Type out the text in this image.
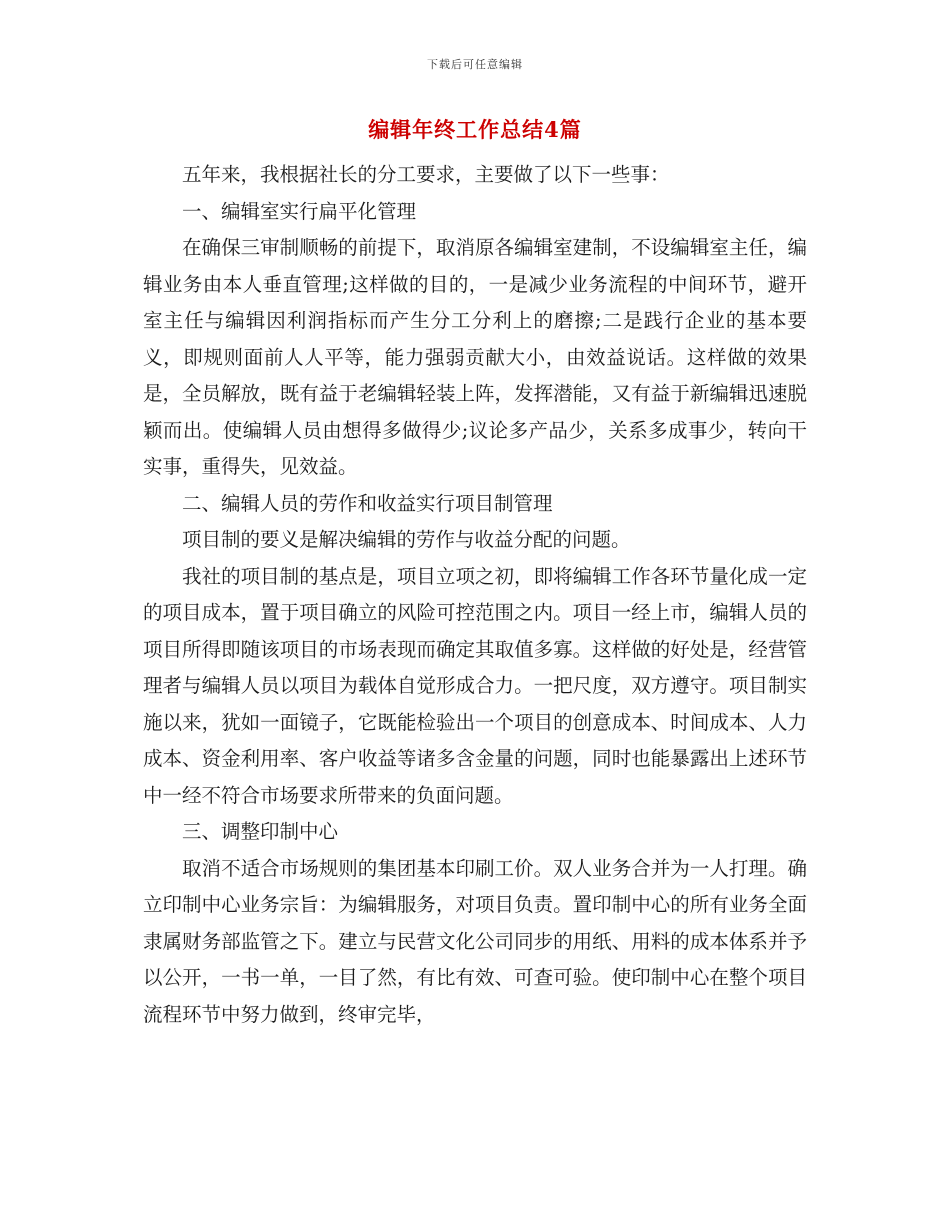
下载后可任意编辑
编辑年终工作总结4篇

五年来，我根据社长的分工要求，主要做了以下一些事：

一、编辑室实行扁平化管理

在确保三审制顺畅的前提下，取消原各编辑室建制，不设编辑室主任，编辑业务由本人垂直管理;这样做的目的，一是减少业务流程的中间环节，避开室主任与编辑因利润指标而产生分工分利上的磨擦;二是践行企业的基本要义，即规则面前人人平等，能力强弱贡献大小，由效益说话。这样做的效果是，全员解放，既有益于老编辑轻装上阵，发挥潜能，又有益于新编辑迅速脱颖而出。使编辑人员由想得多做得少;议论多产品少，关系多成事少，转向干实事，重得失，见效益。

二、编辑人员的劳作和收益实行项目制管理

项目制的要义是解决编辑的劳作与收益分配的问题。

我社的项目制的基点是，项目立项之初，即将编辑工作各环节量化成一定的项目成本，置于项目确立的风险可控范围之内。项目一经上市，编辑人员的项目所得即随该项目的市场表现而确定其取值多寡。这样做的好处是，经营管理者与编辑人员以项目为载体自觉形成合力。一把尺度，双方遵守。项目制实施以来，犹如一面镜子，它既能检验出一个项目的创意成本、时间成本、人力成本、资金利用率、客户收益等诸多含金量的问题，同时也能暴露出上述环节中一经不符合市场要求所带来的负面问题。

三、调整印制中心

取消不适合市场规则的集团基本印刷工价。双人业务合并为一人打理。确立印制中心业务宗旨：为编辑服务，对项目负责。置印制中心的所有业务全面隶属财务部监管之下。建立与民营文化公司同步的用纸、用料的成本体系并予以公开，一书一单，一目了然，有比有效、可查可验。使印制中心在整个项目流程环节中努力做到，终审完毕，
